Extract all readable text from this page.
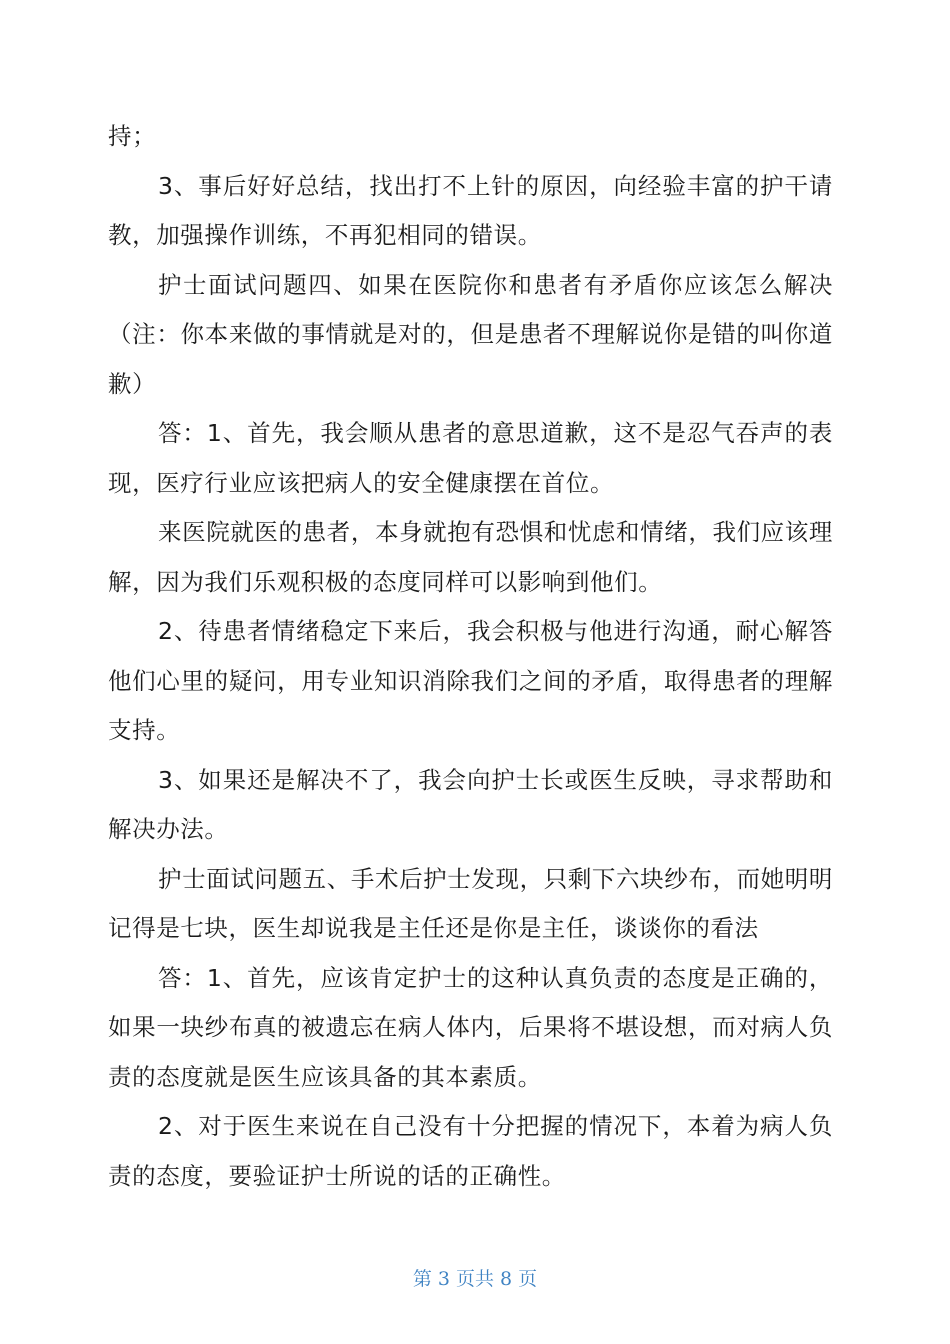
持；

3、事后好好总结，找出打不上针的原因，向经验丰富的护干请教，加强操作训练，不再犯相同的错误。

护士面试问题四、如果在医院你和患者有矛盾你应该怎么解决（注：你本来做的事情就是对的，但是患者不理解说你是错的叫你道歉）

答：1、首先，我会顺从患者的意思道歉，这不是忍气吞声的表现，医疗行业应该把病人的安全健康摆在首位。

来医院就医的患者，本身就抱有恐惧和忧虑和情绪，我们应该理解，因为我们乐观积极的态度同样可以影响到他们。

2、待患者情绪稳定下来后，我会积极与他进行沟通，耐心解答他们心里的疑问，用专业知识消除我们之间的矛盾，取得患者的理解支持。

3、如果还是解决不了，我会向护士长或医生反映，寻求帮助和解决办法。

护士面试问题五、手术后护士发现，只剩下六块纱布，而她明明记得是七块，医生却说我是主任还是你是主任，谈谈你的看法

答：1、首先，应该肯定护士的这种认真负责的态度是正确的，如果一块纱布真的被遗忘在病人体内，后果将不堪设想，而对病人负责的态度就是医生应该具备的其本素质。

2、对于医生来说在自己没有十分把握的情况下，本着为病人负责的态度，要验证护士所说的话的正确性。

第 3 页共 8 页
